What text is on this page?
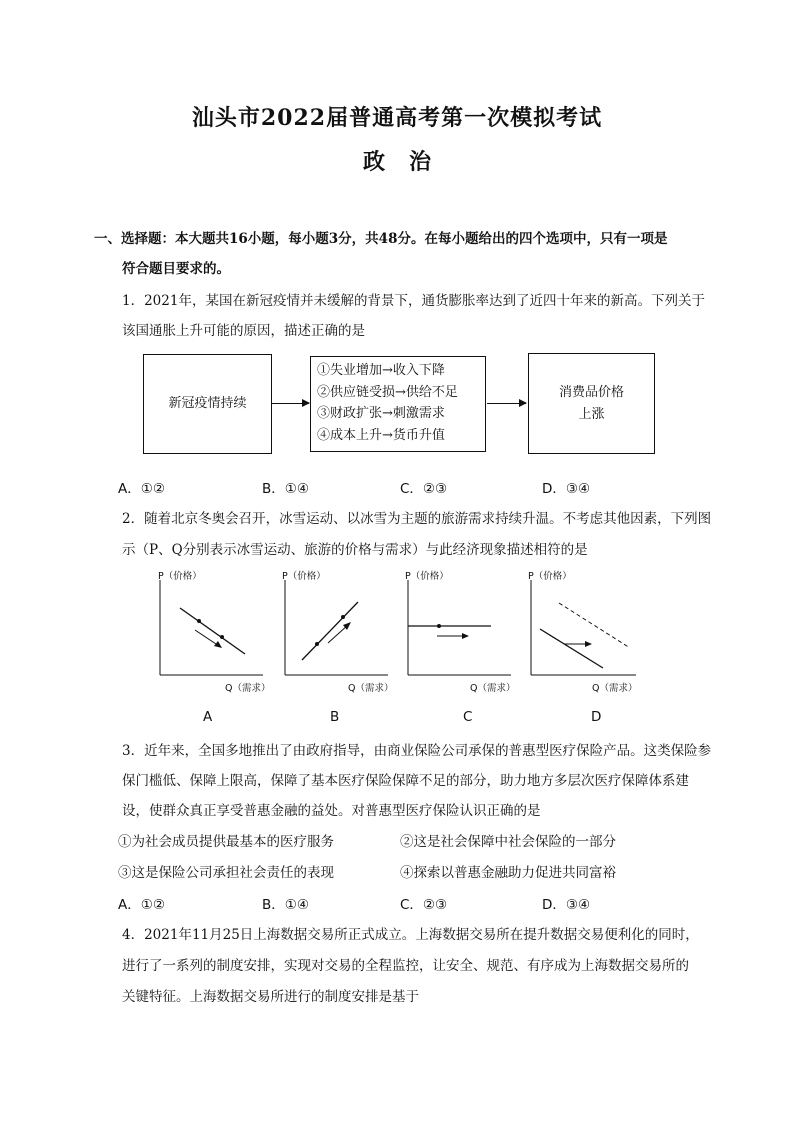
汕头市2022届普通高考第一次模拟考试
政治
一、选择题：本大题共16小题，每小题3分，共48分。在每小题给出的四个选项中，只有一项是
符合题目要求的。
1．2021年，某国在新冠疫情并未缓解的背景下，通货膨胀率达到了近四十年来的新高。下列关于
该国通胀上升可能的原因，描述正确的是
新冠疫情持续
①失业增加→收入下降
②供应链受损→供给不足
③财政扩张→刺激需求
④成本上升→货币升值
消费品价格
上涨
A．①②	B．①④	C．②③	D．③④
2．随着北京冬奥会召开，冰雪运动、以冰雪为主题的旅游需求持续升温。不考虑其他因素，下列图
示（P、Q分别表示冰雪运动、旅游的价格与需求）与此经济现象描述相符的是
P（价格）
Q（需求）
A
P（价格）
Q（需求）
B
P（价格）
Q（需求）
C
P（价格）
Q（需求）
D
3．近年来，全国多地推出了由政府指导，由商业保险公司承保的普惠型医疗保险产品。这类保险参
保门槛低、保障上限高，保障了基本医疗保险保障不足的部分，助力地方多层次医疗保障体系建
设，使群众真正享受普惠金融的益处。对普惠型医疗保险认识正确的是
①为社会成员提供最基本的医疗服务	②这是社会保障中社会保险的一部分
③这是保险公司承担社会责任的表现	④探索以普惠金融助力促进共同富裕
A．①②	B．①④	C．②③	D．③④
4．2021年11月25日上海数据交易所正式成立。上海数据交易所在提升数据交易便利化的同时，
进行了一系列的制度安排，实现对交易的全程监控，让安全、规范、有序成为上海数据交易所的
关键特征。上海数据交易所进行的制度安排是基于
